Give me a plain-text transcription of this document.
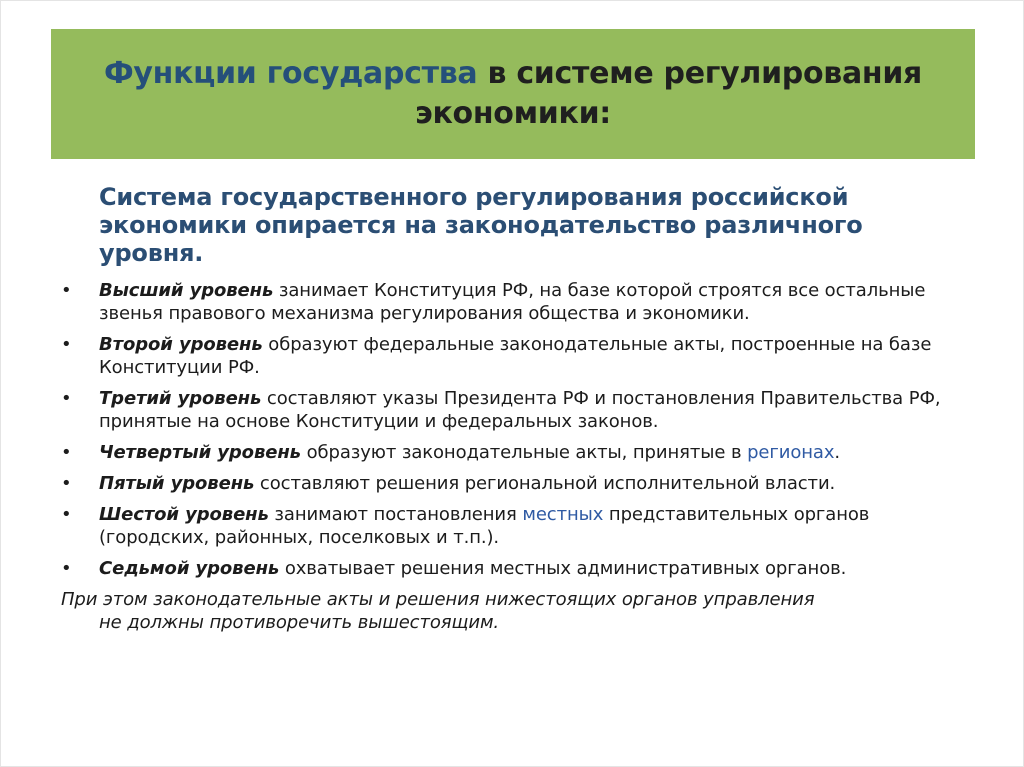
Функции государства в системе регулирования
экономики:
Система государственного регулирования российской экономики опирается на законодательство различного уровня.
• Высший уровень занимает Конституция РФ, на базе которой строятся все остальные звенья правового механизма регулирования общества и экономики.
• Второй уровень образуют федеральные законодательные акты, построенные на базе Конституции РФ.
• Третий уровень составляют указы Президента РФ и постановления Правительства РФ, принятые на основе Конституции и федеральных законов.
• Четвертый уровень образуют законодательные акты, принятые в регионах.
• Пятый уровень составляют решения региональной исполнительной власти.
• Шестой уровень занимают постановления местных представительных органов (городских, районных, поселковых и т.п.).
• Седьмой уровень охватывает решения местных административных органов.
При этом законодательные акты и решения нижестоящих органов управления
не должны противоречить вышестоящим.
